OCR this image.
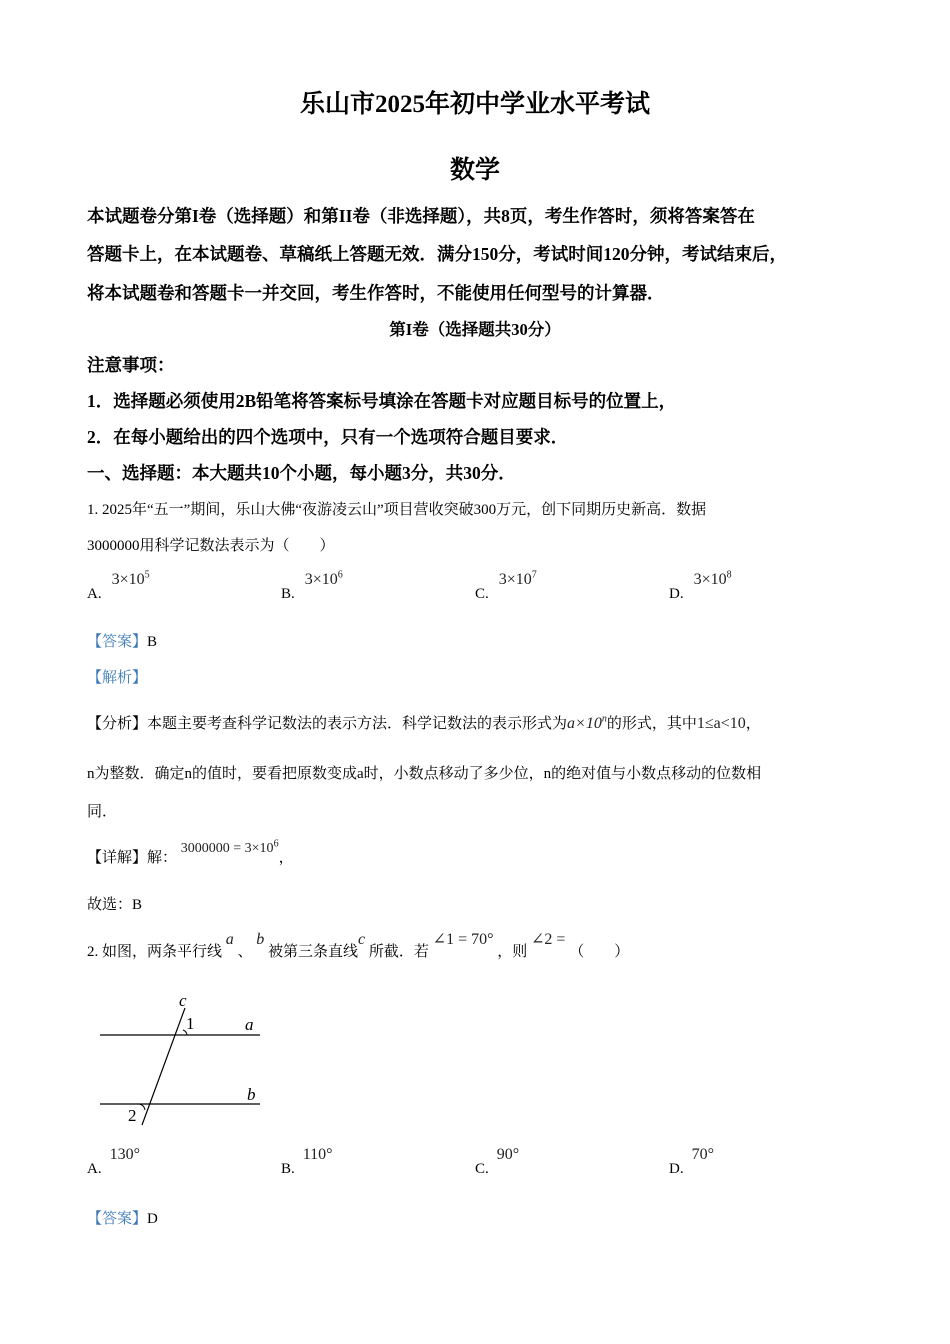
乐山市2025年初中学业水平考试
数学
本试题卷分第I卷（选择题）和第II卷（非选择题），共8页，考生作答时，须将答案答在
答题卡上，在本试题卷、草稿纸上答题无效．满分150分，考试时间120分钟，考试结束后，
将本试题卷和答题卡一并交回，考生作答时，不能使用任何型号的计算器．
第I卷（选择题共30分）
注意事项：
1．选择题必须使用2B铅笔将答案标号填涂在答题卡对应题目标号的位置上，
2．在每小题给出的四个选项中，只有一个选项符合题目要求．
一、选择题：本大题共10个小题，每小题3分，共30分．
1. 2025年“五一”期间，乐山大佛“夜游凌云山”项目营收突破300万元，创下同期历史新高．数据
3000000用科学记数法表示为（　　）
A. $3\times 10^5$
B. $3\times 10^6$
C. $3\times 10^7$
D. $3\times 10^8$
【答案】B
【解析】
【分析】本题主要考查科学记数法的表示方法．科学记数法的表示形式为$a\times 10^n$的形式，其中1≤a<10，
n为整数．确定n的值时，要看把原数变成a时，小数点移动了多少位，n的绝对值与小数点移动的位数相
同．
【详解】解： $3000000 = 3\times 10^6$，
故选：B
2. 如图，两条平行线 a 、 b 被第三条直线c 所截．若 ∠1 = 70° ，则 ∠2 = （　　）
c
1	a
b
2
A. 130°
B. 110°
C. 90°
D. 70°
【答案】D
